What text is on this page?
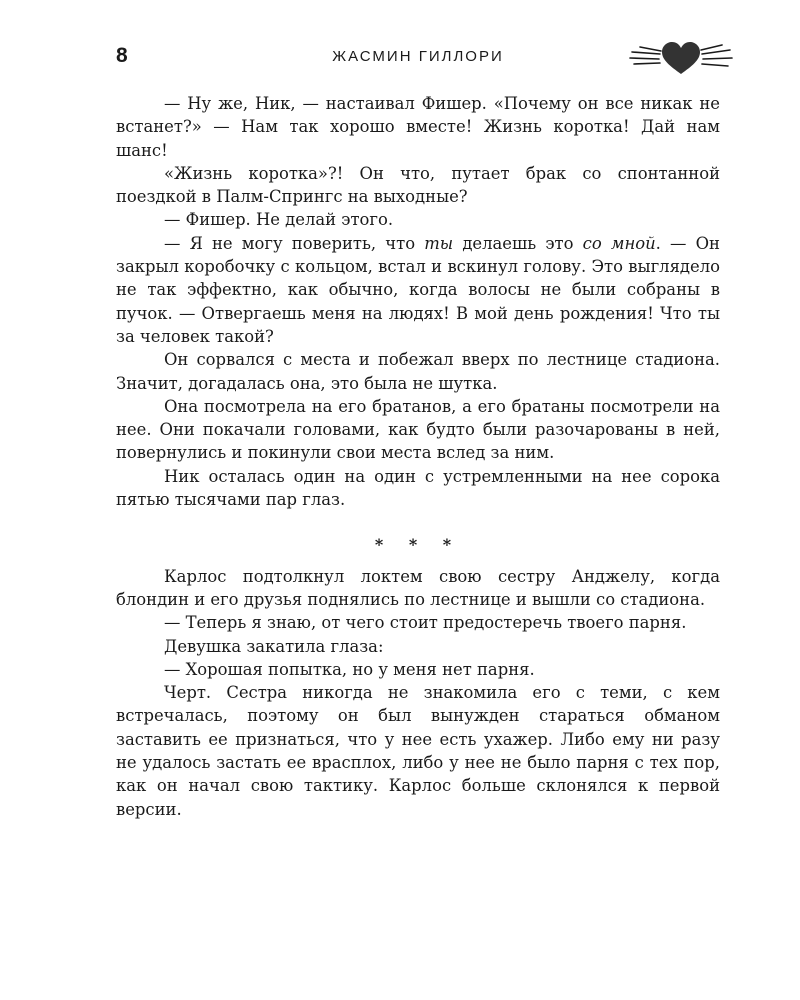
8	ЖАСМИН ГИЛЛОРИ

— Ну же, Ник, — настаивал Фишер. «Почему он все никак не встанет?» — Нам так хорошо вместе! Жизнь коротка! Дай нам шанс!

«Жизнь коротка»?! Он что, путает брак со спонтанной поездкой в Палм-Спрингс на выходные?

— Фишер. Не делай этого.

— Я не могу поверить, что ты делаешь это со мной. — Он закрыл коробочку с кольцом, встал и вскинул голову. Это выглядело не так эффектно, как обычно, когда волосы не были собраны в пучок. — Отвергаешь меня на людях! В мой день рождения! Что ты за человек такой?

Он сорвался с места и побежал вверх по лестнице стадиона. Значит, догадалась она, это была не шутка.

Она посмотрела на его братанов, а его братаны посмотрели на нее. Они покачали головами, как будто были разочарованы в ней, повернулись и покинули свои места вслед за ним.

Ник осталась один на один с устремленными на нее сорока пятью тысячами пар глаз.

* * *

Карлос подтолкнул локтем свою сестру Анджелу, когда блондин и его друзья поднялись по лестнице и вышли со стадиона.

— Теперь я знаю, от чего стоит предостеречь твоего парня.

Девушка закатила глаза:

— Хорошая попытка, но у меня нет парня.

Черт. Сестра никогда не знакомила его с теми, с кем встречалась, поэтому он был вынужден стараться обманом заставить ее признаться, что у нее есть ухажер. Либо ему ни разу не удалось застать ее врасплох, либо у нее не было парня с тех пор, как он начал свою тактику. Карлос больше склонялся к первой версии.
